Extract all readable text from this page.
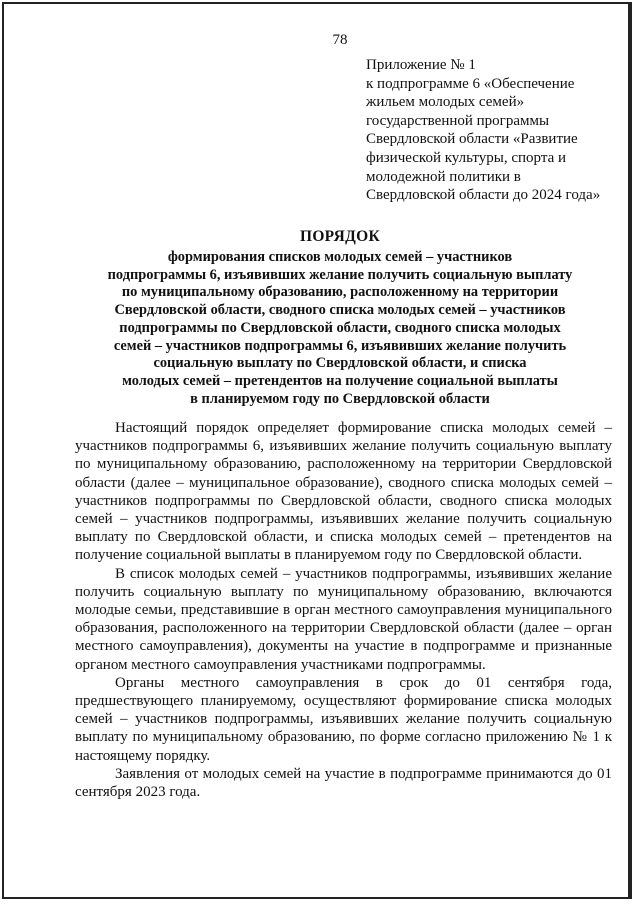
78
Приложение № 1
к подпрограмме 6 «Обеспечение
жильем молодых семей»
государственной программы
Свердловской области «Развитие
физической культуры, спорта и
молодежной политики в
Свердловской области до 2024 года»
ПОРЯДОК
формирования списков молодых семей – участников
подпрограммы 6, изъявивших желание получить социальную выплату
по муниципальному образованию, расположенному на территории
Свердловской области, сводного списка молодых семей – участников
подпрограммы по Свердловской области, сводного списка молодых
семей – участников подпрограммы 6, изъявивших желание получить
социальную выплату по Свердловской области, и списка
молодых семей – претендентов на получение социальной выплаты
в планируемом году по Свердловской области

Настоящий порядок определяет формирование списка молодых семей – участников подпрограммы 6, изъявивших желание получить социальную выплату по муниципальному образованию, расположенному на территории Свердловской области (далее – муниципальное образование), сводного списка молодых семей – участников подпрограммы по Свердловской области, сводного списка молодых семей – участников подпрограммы, изъявивших желание получить социальную выплату по Свердловской области, и списка молодых семей – претендентов на получение социальной выплаты в планируемом году по Свердловской области.

В список молодых семей – участников подпрограммы, изъявивших желание получить социальную выплату по муниципальному образованию, включаются молодые семьи, представившие в орган местного самоуправления муниципального образования, расположенного на территории Свердловской области (далее – орган местного самоуправления), документы на участие в подпрограмме и признанные органом местного самоуправления участниками подпрограммы.

Органы местного самоуправления в срок до 01 сентября года, предшествующего планируемому, осуществляют формирование списка молодых семей – участников подпрограммы, изъявивших желание получить социальную выплату по муниципальному образованию, по форме согласно приложению № 1 к настоящему порядку.

Заявления от молодых семей на участие в подпрограмме принимаются до 01 сентября 2023 года.
